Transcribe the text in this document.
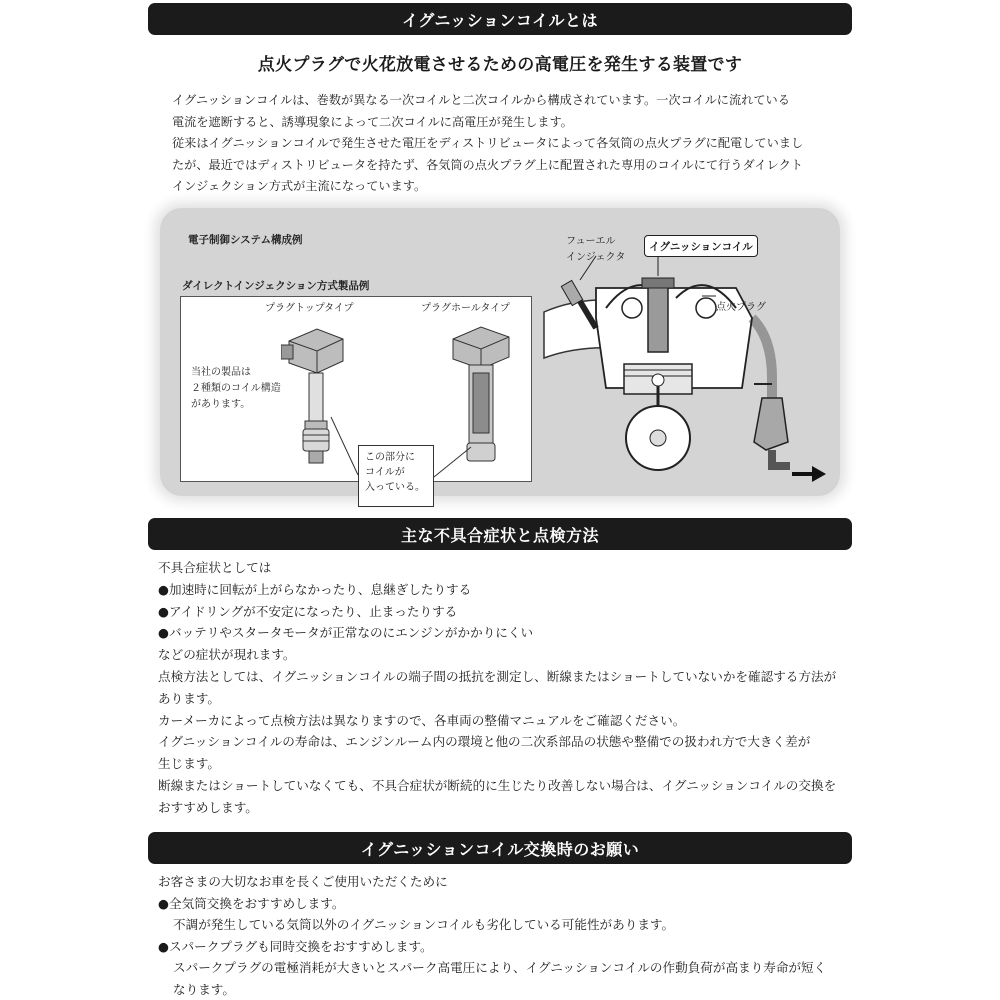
イグニッションコイルとは
点火プラグで火花放電させるための高電圧を発生する装置です

イグニッションコイルは、巻数が異なる一次コイルと二次コイルから構成されています。一次コイルに流れている

電流を遮断すると、誘導現象によって二次コイルに高電圧が発生します。

従来はイグニッションコイルで発生させた電圧をディストリビュータによって各気筒の点火プラグに配電していまし

たが、最近ではディストリビュータを持たず、各気筒の点火プラグ上に配置された専用のコイルにて行うダイレクト

インジェクション方式が主流になっています。

電子制御システム構成例
ダイレクトインジェクション方式製品例
プラグトップタイプ	プラグホールタイプ
当社の製品は
２種類のコイル構造
があります。

この部分に

コイルが

入っている。

フューエル
インジェクタ
イグニッションコイル
点火プラグ
主な不具合症状と点検方法

不具合症状としては

●加速時に回転が上がらなかったり、息継ぎしたりする

●アイドリングが不安定になったり、止まったりする

●バッテリやスタータモータが正常なのにエンジンがかかりにくい

などの症状が現れます。

点検方法としては、イグニッションコイルの端子間の抵抗を測定し、断線またはショートしていないかを確認する方法が

あります。

カーメーカによって点検方法は異なりますので、各車両の整備マニュアルをご確認ください。

イグニッションコイルの寿命は、エンジンルーム内の環境と他の二次系部品の状態や整備での扱われ方で大きく差が

生じます。

断線またはショートしていなくても、不具合症状が断続的に生じたり改善しない場合は、イグニッションコイルの交換を

おすすめします。

イグニッションコイル交換時のお願い

お客さまの大切なお車を長くご使用いただくために

●全気筒交換をおすすめします。

不調が発生している気筒以外のイグニッションコイルも劣化している可能性があります。

●スパークプラグも同時交換をおすすめします。

スパークプラグの電極消耗が大きいとスパーク高電圧により、イグニッションコイルの作動負荷が高まり寿命が短く

なります。
